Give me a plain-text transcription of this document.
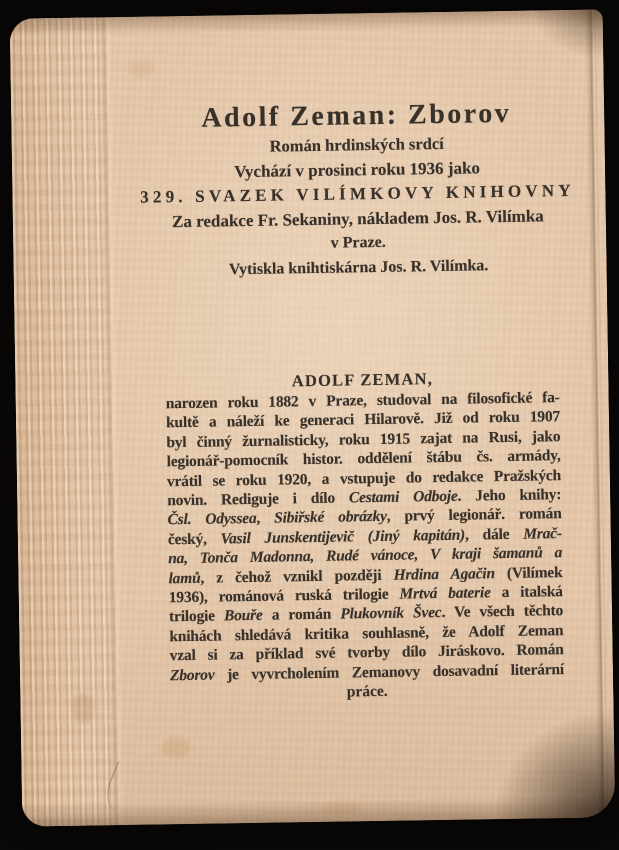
Adolf Zeman: Zborov
Román hrdinských srdcí
Vychází v prosinci roku 1936 jako
329. SVAZEK VILÍMKOVY KNIHOVNY
Za redakce Fr. Sekaniny, nákladem Jos. R. Vilímka
v Praze.
Vytiskla knihtiskárna Jos. R. Vilímka.
ADOLF ZEMAN,
narozen roku 1882 v Praze, studoval na filosofické fa-
kultě a náleží ke generaci Hilarově. Již od roku 1907
byl činný žurnalisticky, roku 1915 zajat na Rusi, jako
legionář-pomocník histor. oddělení štábu čs. armády,
vrátil se roku 1920, a vstupuje do redakce Pražských
novin. Rediguje i dílo Cestami Odboje. Jeho knihy:
Čsl. Odyssea, Sibiřské obrázky, prvý legionář. román
český, Vasil Junskentijevič (Jiný kapitán), dále Mrač-
na, Tonča Madonna, Rudé vánoce, V kraji šamanů a
lamů, z čehož vznikl později Hrdina Agačin (Vilímek
1936), románová ruská trilogie Mrtvá baterie a italská
trilogie Bouře a román Plukovník Švec. Ve všech těchto
knihách shledává kritika souhlasně, že Adolf Zeman
vzal si za příklad své tvorby dílo Jiráskovo. Román
Zborov je vyvrcholením Zemanovy dosavadní literární
práce.
